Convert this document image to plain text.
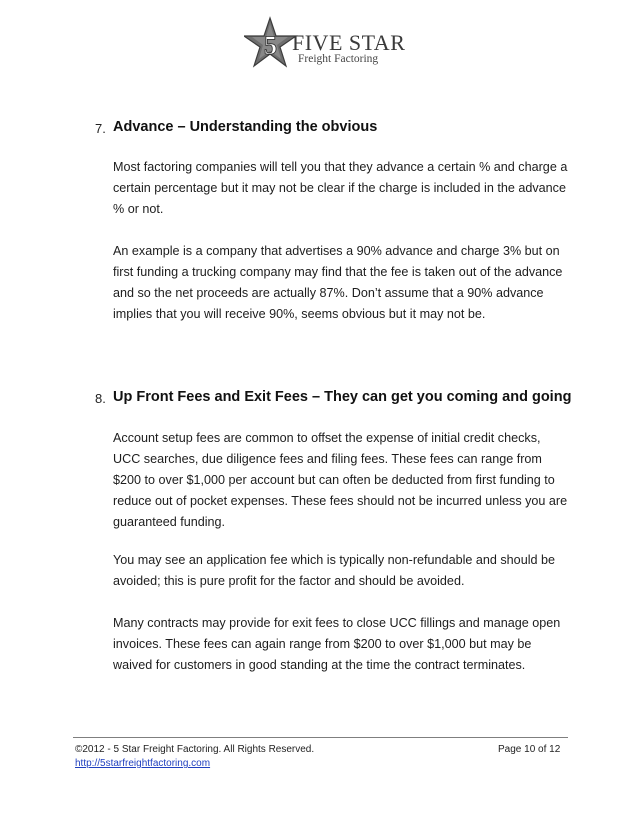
5 FIVE STAR
Freight Factoring
7. Advance – Understanding the obvious
Most factoring companies will tell you that they advance a certain % and charge a certain percentage but it may not be clear if the charge is included in the advance % or not.
An example is a company that advertises a 90% advance and charge 3% but on first funding a trucking company may find that the fee is taken out of the advance and so the net proceeds are actually 87%. Don’t assume that a 90% advance implies that you will receive 90%, seems obvious but it may not be.
8. Up Front Fees and Exit Fees – They can get you coming and going
Account setup fees are common to offset the expense of initial credit checks, UCC searches, due diligence fees and filing fees. These fees can range from $200 to over $1,000 per account but can often be deducted from first funding to reduce out of pocket expenses. These fees should not be incurred unless you are guaranteed funding.
You may see an application fee which is typically non-refundable and should be avoided; this is pure profit for the factor and should be avoided.
Many contracts may provide for exit fees to close UCC fillings and manage open invoices. These fees can again range from $200 to over $1,000 but may be waived for customers in good standing at the time the contract terminates.
©2012 - 5 Star Freight Factoring. All Rights Reserved.	Page 10 of 12
http://5starfreightfactoring.com
